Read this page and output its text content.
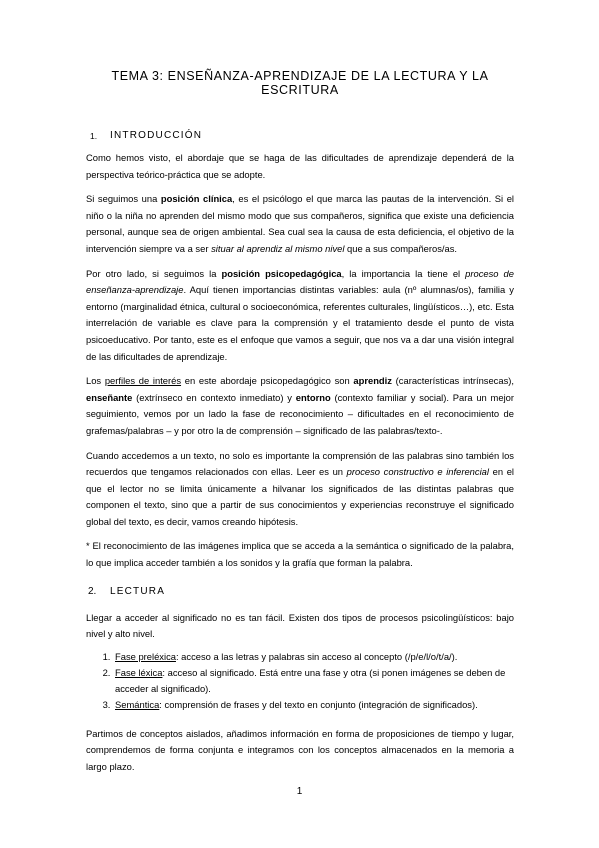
TEMA 3: ENSEÑANZA-APRENDIZAJE DE LA LECTURA Y LA ESCRITURA
1.	INTRODUCCIÓN

Como hemos visto, el abordaje que se haga de las dificultades de aprendizaje dependerá de la perspectiva teórico-práctica que se adopte.

Si seguimos una posición clínica, es el psicólogo el que marca las pautas de la intervención. Si el niño o la niña no aprenden del mismo modo que sus compañeros, significa que existe una deficiencia personal, aunque sea de origen ambiental. Sea cual sea la causa de esta deficiencia, el objetivo de la intervención siempre va a ser situar al aprendiz al mismo nivel que a sus compañeros/as.

Por otro lado, si seguimos la posición psicopedagógica, la importancia la tiene el proceso de enseñanza-aprendizaje. Aquí tienen importancias distintas variables: aula (nº alumnas/os), familia y entorno (marginalidad étnica, cultural o socioeconómica, referentes culturales, lingüísticos…), etc. Esta interrelación de variable es clave para la comprensión y el tratamiento desde el punto de vista psicoeducativo. Por tanto, este es el enfoque que vamos a seguir, que nos va a dar una visión integral de las dificultades de aprendizaje.

Los perfiles de interés en este abordaje psicopedagógico son aprendiz (características intrínsecas), enseñante (extrínseco en contexto inmediato) y entorno (contexto familiar y social). Para un mejor seguimiento, vemos por un lado la fase de reconocimiento – dificultades en el reconocimiento de grafemas/palabras – y por otro la de comprensión – significado de las palabras/texto-.

Cuando accedemos a un texto, no solo es importante la comprensión de las palabras sino también los recuerdos que tengamos relacionados con ellas. Leer es un proceso constructivo e inferencial en el que el lector no se limita únicamente a hilvanar los significados de las distintas palabras que componen el texto, sino que a partir de sus conocimientos y experiencias reconstruye el significado global del texto, es decir, vamos creando hipótesis.

* El reconocimiento de las imágenes implica que se acceda a la semántica o significado de la palabra, lo que implica acceder también a los sonidos y la grafía que forman la palabra.

2.	LECTURA

Llegar a acceder al significado no es tan fácil. Existen dos tipos de procesos psicolingüísticos: bajo nivel y alto nivel.

1. Fase preléxica: acceso a las letras y palabras sin acceso al concepto (/p/e/l/o/t/a/).
2. Fase léxica: acceso al significado. Está entre una fase y otra (si ponen imágenes se deben de acceder al significado).
3. Semántica: comprensión de frases y del texto en conjunto (integración de significados).

Partimos de conceptos aislados, añadimos información en forma de proposiciones de tiempo y lugar, comprendemos de forma conjunta e integramos con los conceptos almacenados en la memoria a largo plazo.

1
